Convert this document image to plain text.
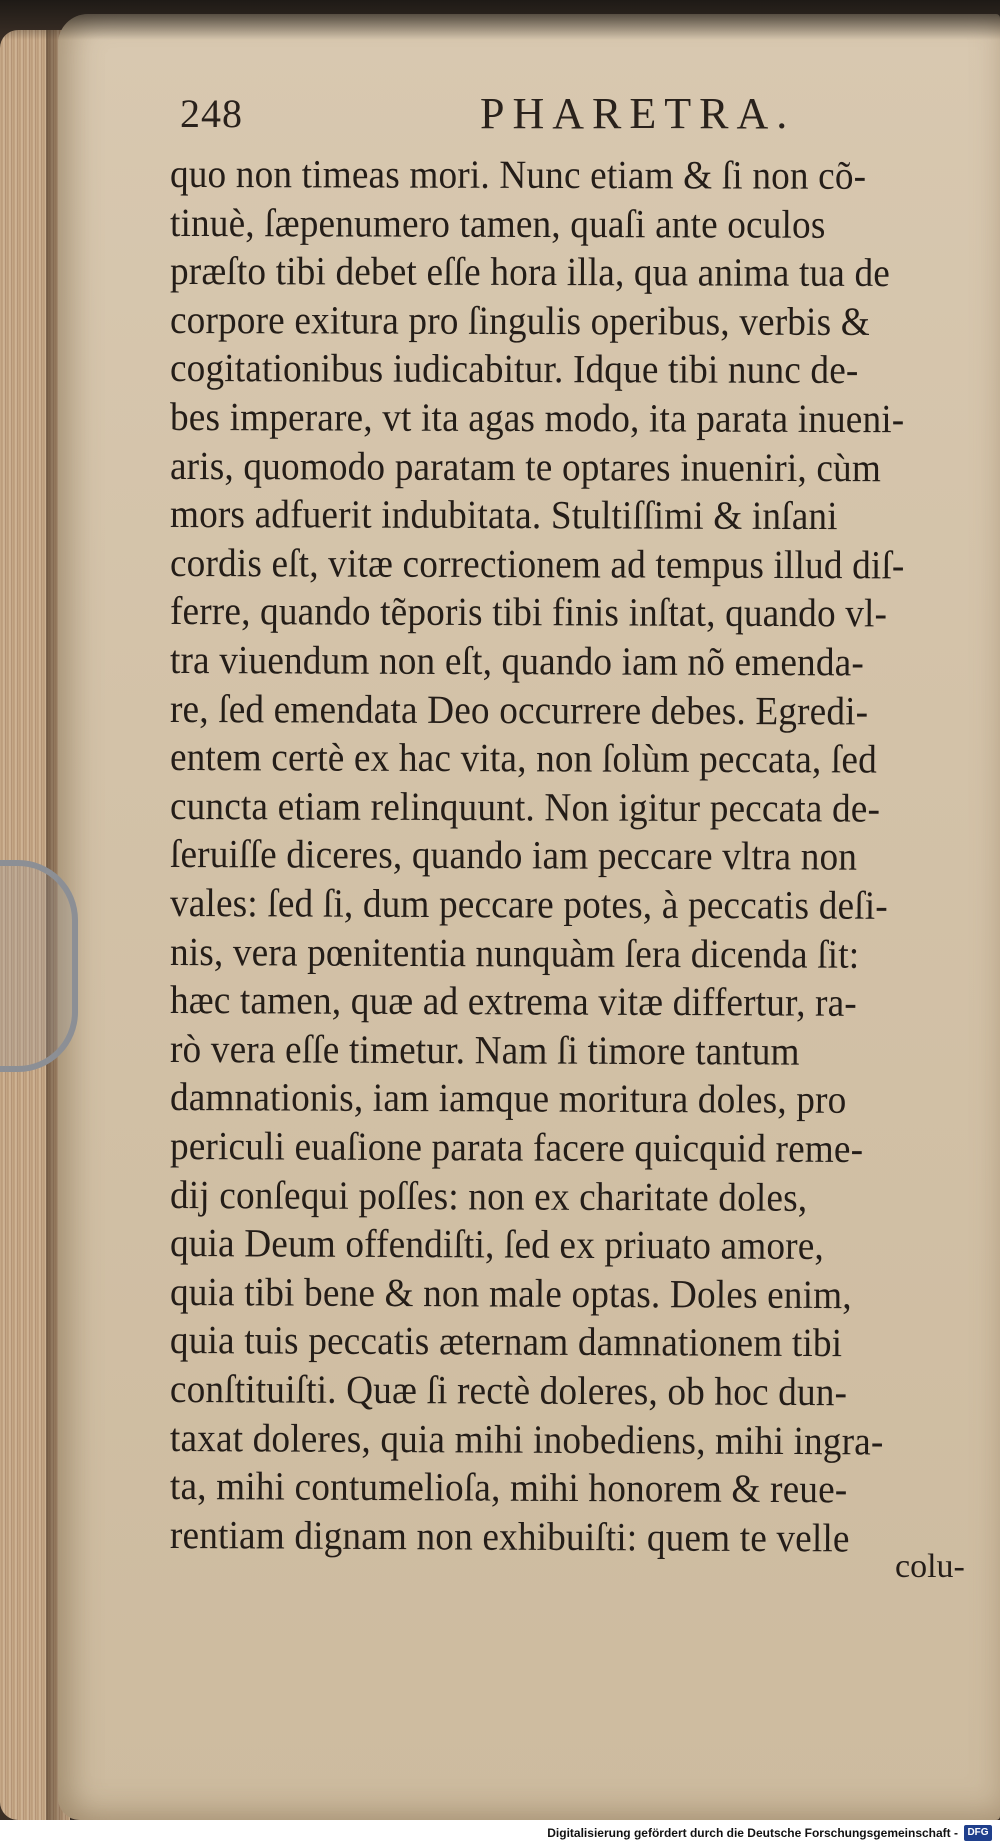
248	PHARETRA.
quo non timeas mori. Nunc etiam & ſi non cõ-
tinuè, ſæpenumero tamen, quaſi ante oculos
præſto tibi debet eſſe hora illa, qua anima tua de
corpore exitura pro ſingulis operibus, verbis &
cogitationibus iudicabitur. Idque tibi nunc de-
bes imperare, vt ita agas modo, ita parata inueni-
aris, quomodo paratam te optares inueniri, cùm
mors adfuerit indubitata. Stultiſſimi & inſani
cordis eſt, vitæ correctionem ad tempus illud diſ-
ferre, quando tẽporis tibi finis inſtat, quando vl-
tra viuendum non eſt, quando iam nõ emenda-
re, ſed emendata Deo occurrere debes. Egredi-
entem certè ex hac vita, non ſolùm peccata, ſed
cuncta etiam relinquunt. Non igitur peccata de-
ſeruiſſe diceres, quando iam peccare vltra non
vales: ſed ſi, dum peccare potes, à peccatis deſi-
nis, vera pœnitentia nunquàm ſera dicenda ſit:
hæc tamen, quæ ad extrema vitæ differtur, ra-
rò vera eſſe timetur. Nam ſi timore tantum
damnationis, iam iamque moritura doles, pro
periculi euaſione parata facere quicquid reme-
dij conſequi poſſes: non ex charitate doles,
quia Deum offendiſti, ſed ex priuato amore,
quia tibi bene & non male optas. Doles enim,
quia tuis peccatis æternam damnationem tibi
conſtituiſti. Quæ ſi rectè doleres, ob hoc dun-
taxat doleres, quia mihi inobediens, mihi ingra-
ta, mihi contumelioſa, mihi honorem & reue-
rentiam dignam non exhibuiſti: quem te velle
colu-
Digitalisierung gefördert durch die Deutsche Forschungsgemeinschaft - DFG
